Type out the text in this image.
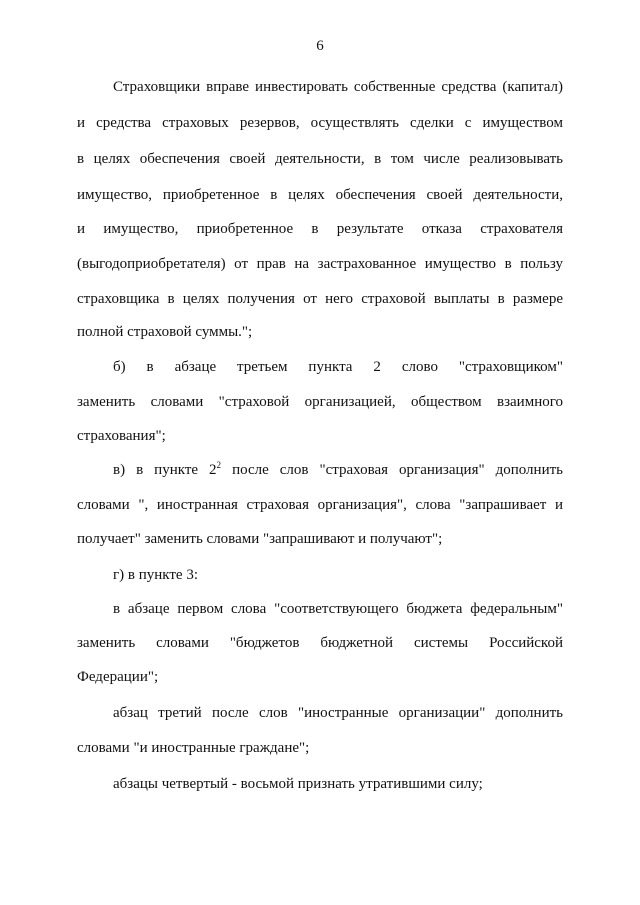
6
Страховщики вправе инвестировать собственные средства (капитал)
и средства страховых резервов, осуществлять сделки с имуществом
в целях обеспечения своей деятельности, в том числе реализовывать
имущество, приобретенное в целях обеспечения своей деятельности,
и имущество, приобретенное в результате отказа страхователя
(выгодоприобретателя) от прав на застрахованное имущество в пользу
страховщика в целях получения от него страховой выплаты в размере
полной страховой суммы.";
б) в абзаце третьем пункта 2 слово "страховщиком"
заменить словами "страховой организацией, обществом взаимного
страхования";
в) в пункте $2^2$ после слов "страховая организация" дополнить
словами ", иностранная страховая организация", слова "запрашивает и
получает" заменить словами "запрашивают и получают";
г) в пункте 3:
в абзаце первом слова "соответствующего бюджета федеральным"
заменить словами "бюджетов бюджетной системы Российской
Федерации";
абзац третий после слов "иностранные организации" дополнить
словами "и иностранные граждане";
абзацы четвертый - восьмой признать утратившими силу;
